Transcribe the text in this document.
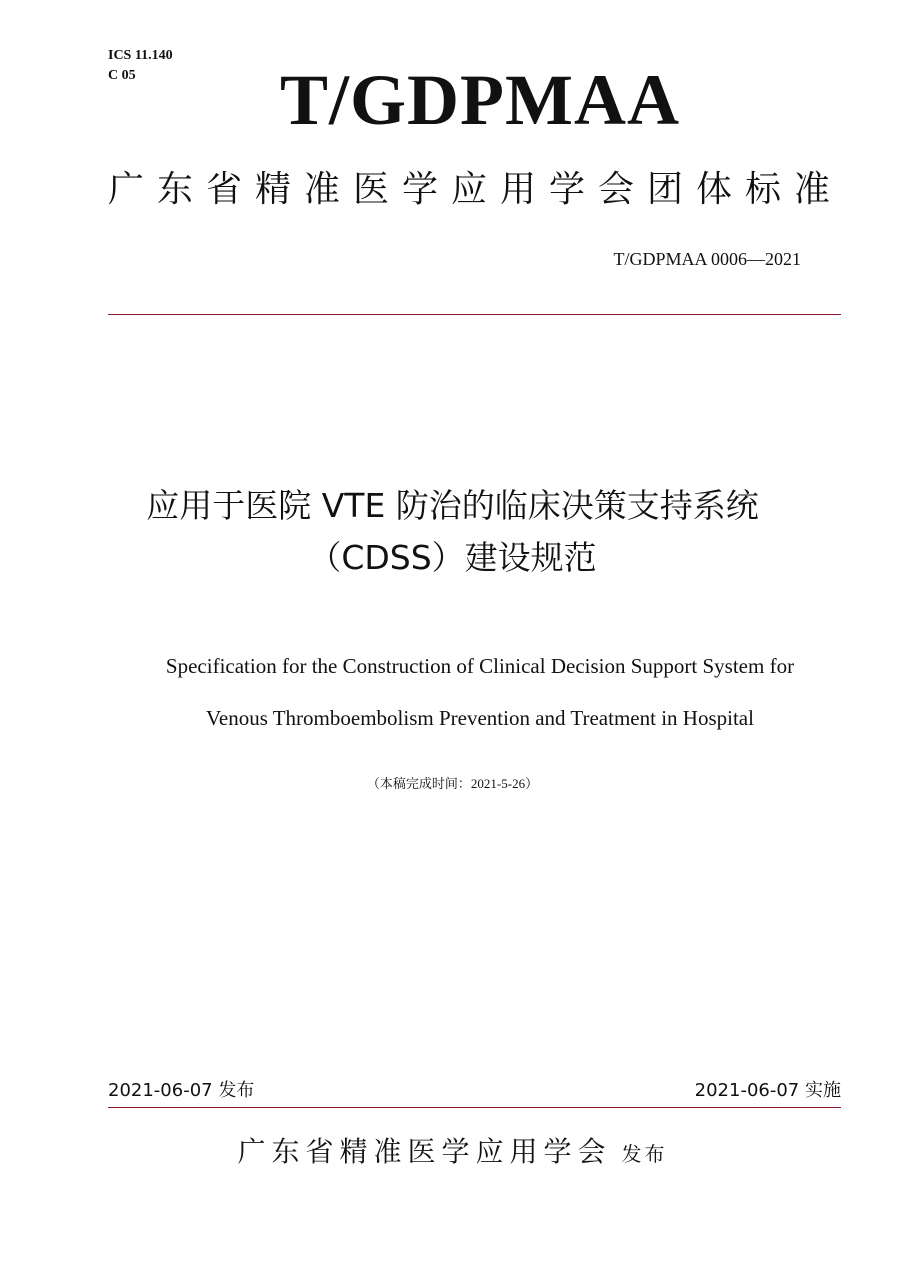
ICS 11.140
C 05	T/GDPMAA
广东省精准医学应用学会团体标准
T/GDPMAA 0006—2021
应用于医院 VTE 防治的临床决策支持系统
（CDSS）建设规范
Specification for the Construction of Clinical Decision Support System for
Venous Thromboembolism Prevention and Treatment in Hospital
（本稿完成时间：2021-5-26）
2021-06-07 发布	2021-06-07 实施
广东省精准医学应用学会 发布
